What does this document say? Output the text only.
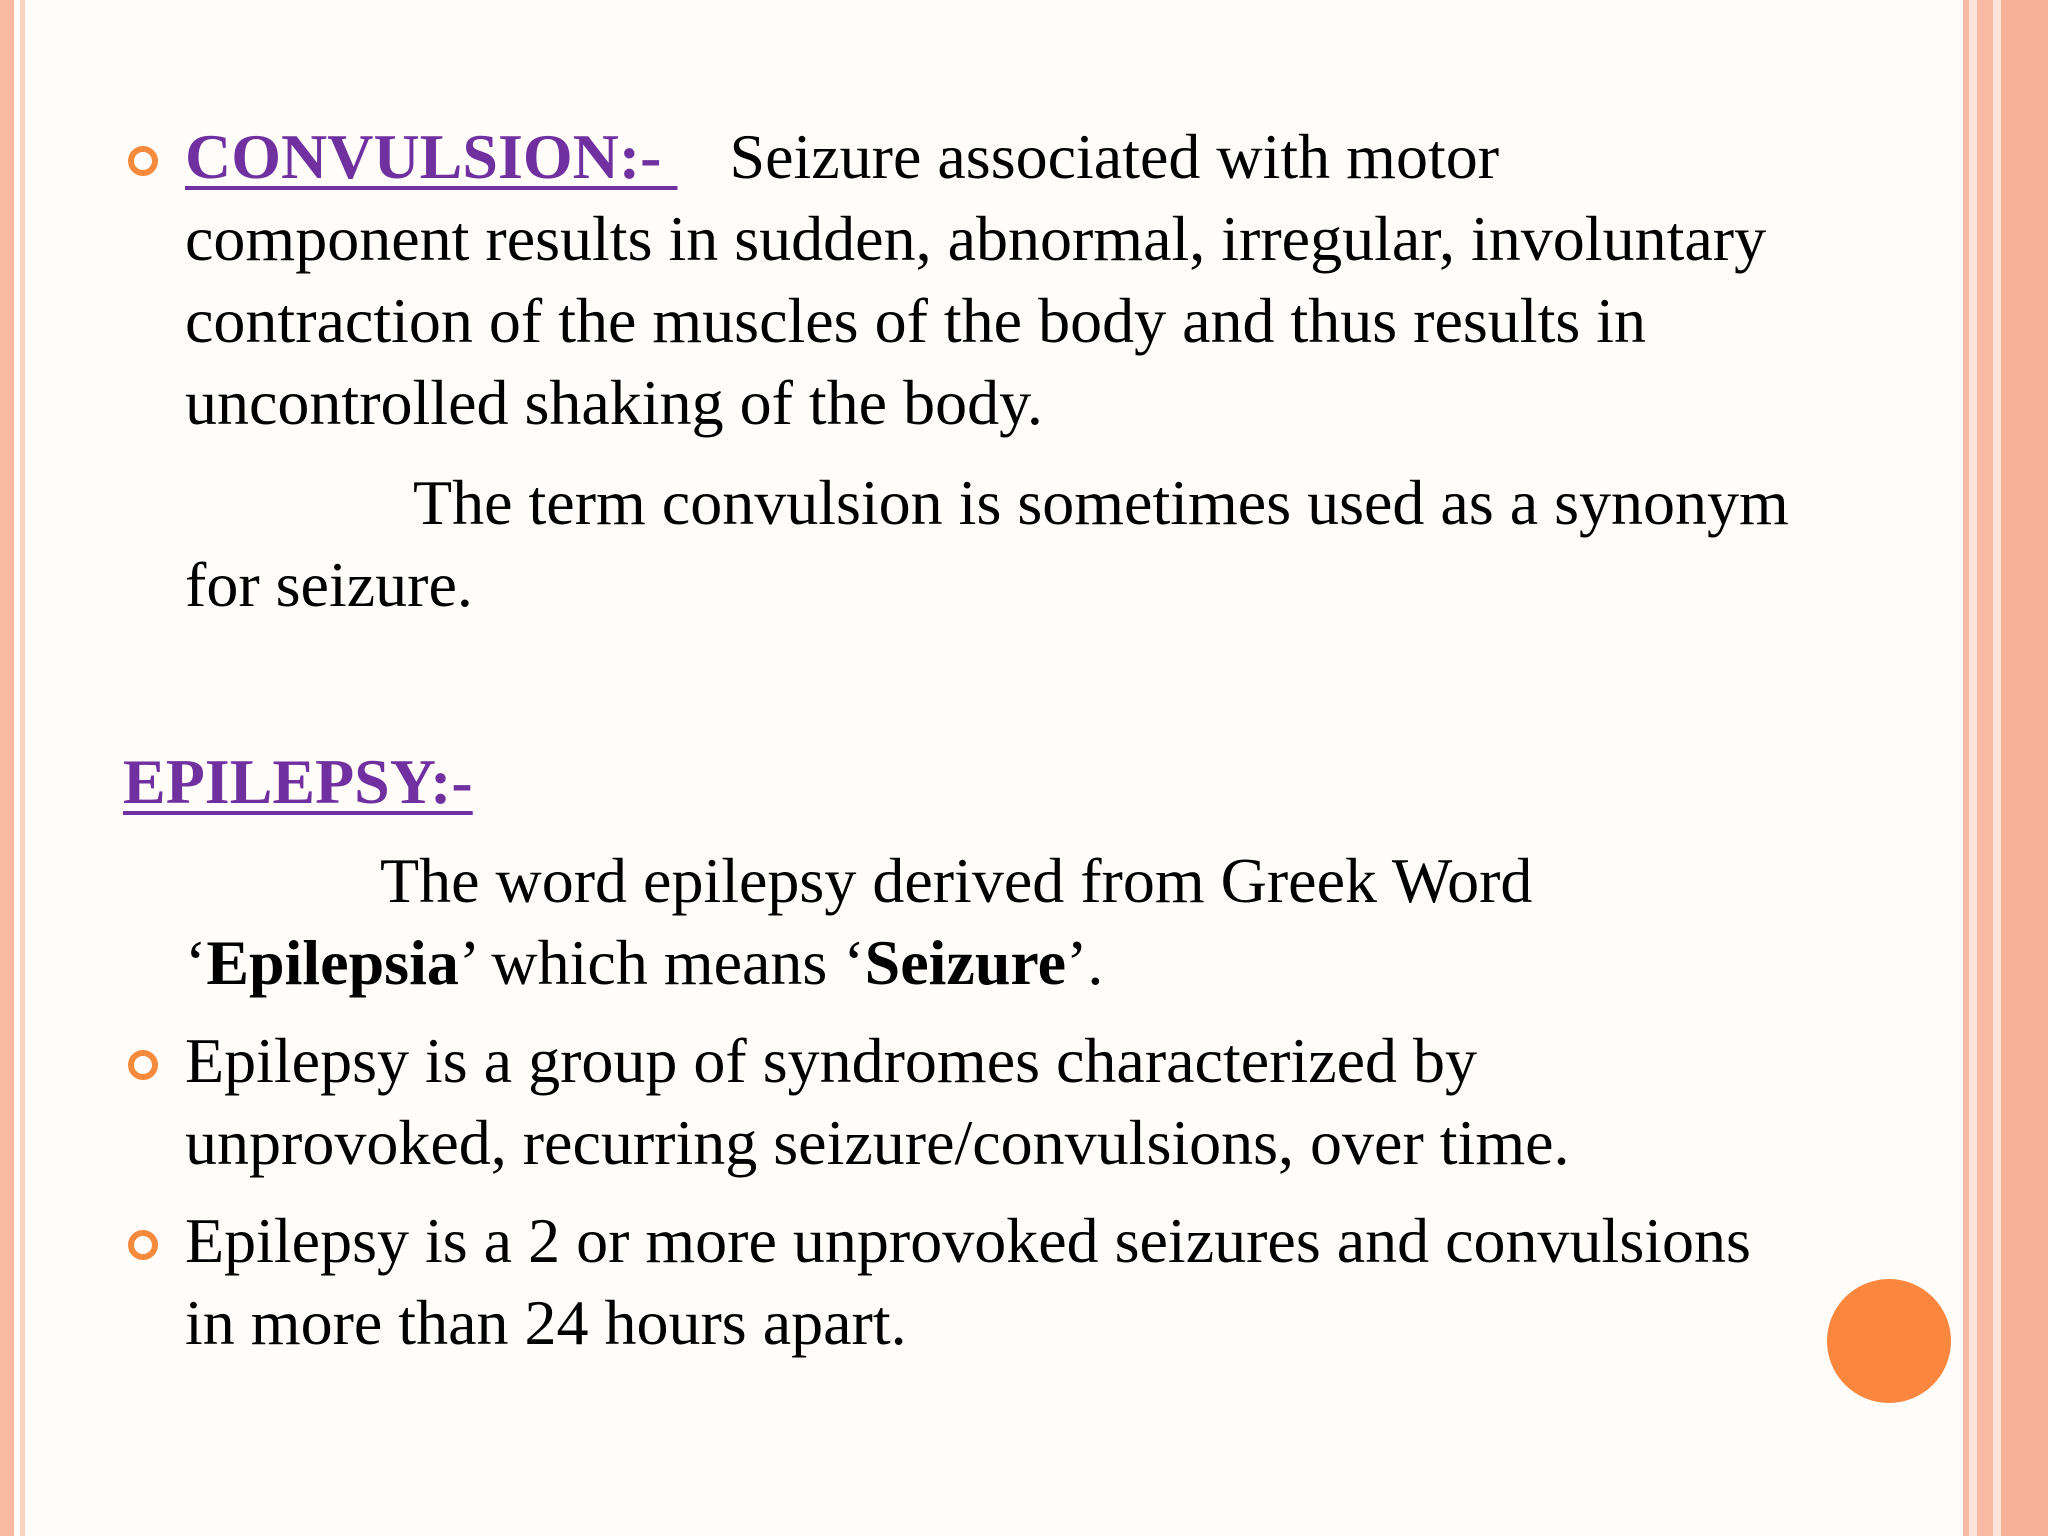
CONVULSION:- Seizure associated with motor
component results in sudden, abnormal, irregular, involuntary
contraction of the muscles of the body and thus results in
uncontrolled shaking of the body.
The term convulsion is sometimes used as a synonym
for seizure.
EPILEPSY:-
The word epilepsy derived from Greek Word
‘Epilepsia’ which means ‘Seizure’.
Epilepsy is a group of syndromes characterized by
unprovoked, recurring seizure/convulsions, over time.
Epilepsy is a 2 or more unprovoked seizures and convulsions
in more than 24 hours apart.
